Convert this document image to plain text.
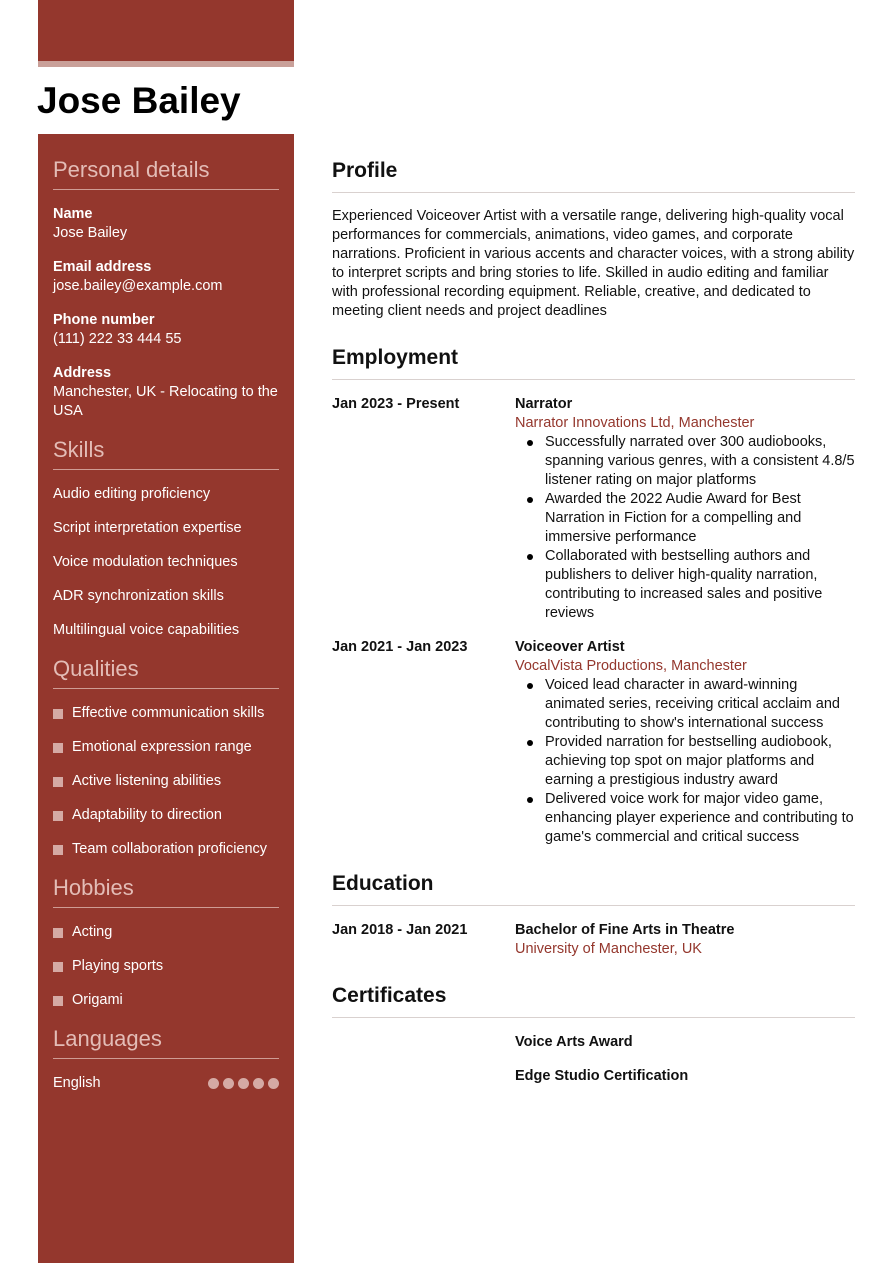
Jose Bailey
Personal details
Name
Jose Bailey
Email address
jose.bailey@example.com
Phone number
(111) 222 33 444 55
Address
Manchester, UK - Relocating to the USA
Skills
Audio editing proficiency
Script interpretation expertise
Voice modulation techniques
ADR synchronization skills
Multilingual voice capabilities
Qualities
Effective communication skills
Emotional expression range
Active listening abilities
Adaptability to direction
Team collaboration proficiency
Hobbies
Acting
Playing sports
Origami
Languages
English
Profile

Experienced Voiceover Artist with a versatile range, delivering high-quality vocal performances for commercials, animations, video games, and corporate narrations. Proficient in various accents and character voices, with a strong ability to interpret scripts and bring stories to life. Skilled in audio editing and familiar with professional recording equipment. Reliable, creative, and dedicated to meeting client needs and project deadlines

Employment
Jan 2023 - Present	Narrator
Narrator Innovations Ltd, Manchester
Successfully narrated over 300 audiobooks, spanning various genres, with a consistent 4.8/5 listener rating on major platforms
Awarded the 2022 Audie Award for Best Narration in Fiction for a compelling and immersive performance
Collaborated with bestselling authors and publishers to deliver high-quality narration, contributing to increased sales and positive reviews
Jan 2021 - Jan 2023	Voiceover Artist
VocalVista Productions, Manchester
Voiced lead character in award-winning animated series, receiving critical acclaim and contributing to show's international success
Provided narration for bestselling audiobook, achieving top spot on major platforms and earning a prestigious industry award
Delivered voice work for major video game, enhancing player experience and contributing to game's commercial and critical success
Education
Jan 2018 - Jan 2021	Bachelor of Fine Arts in Theatre
University of Manchester, UK
Certificates
Voice Arts Award
Edge Studio Certification
